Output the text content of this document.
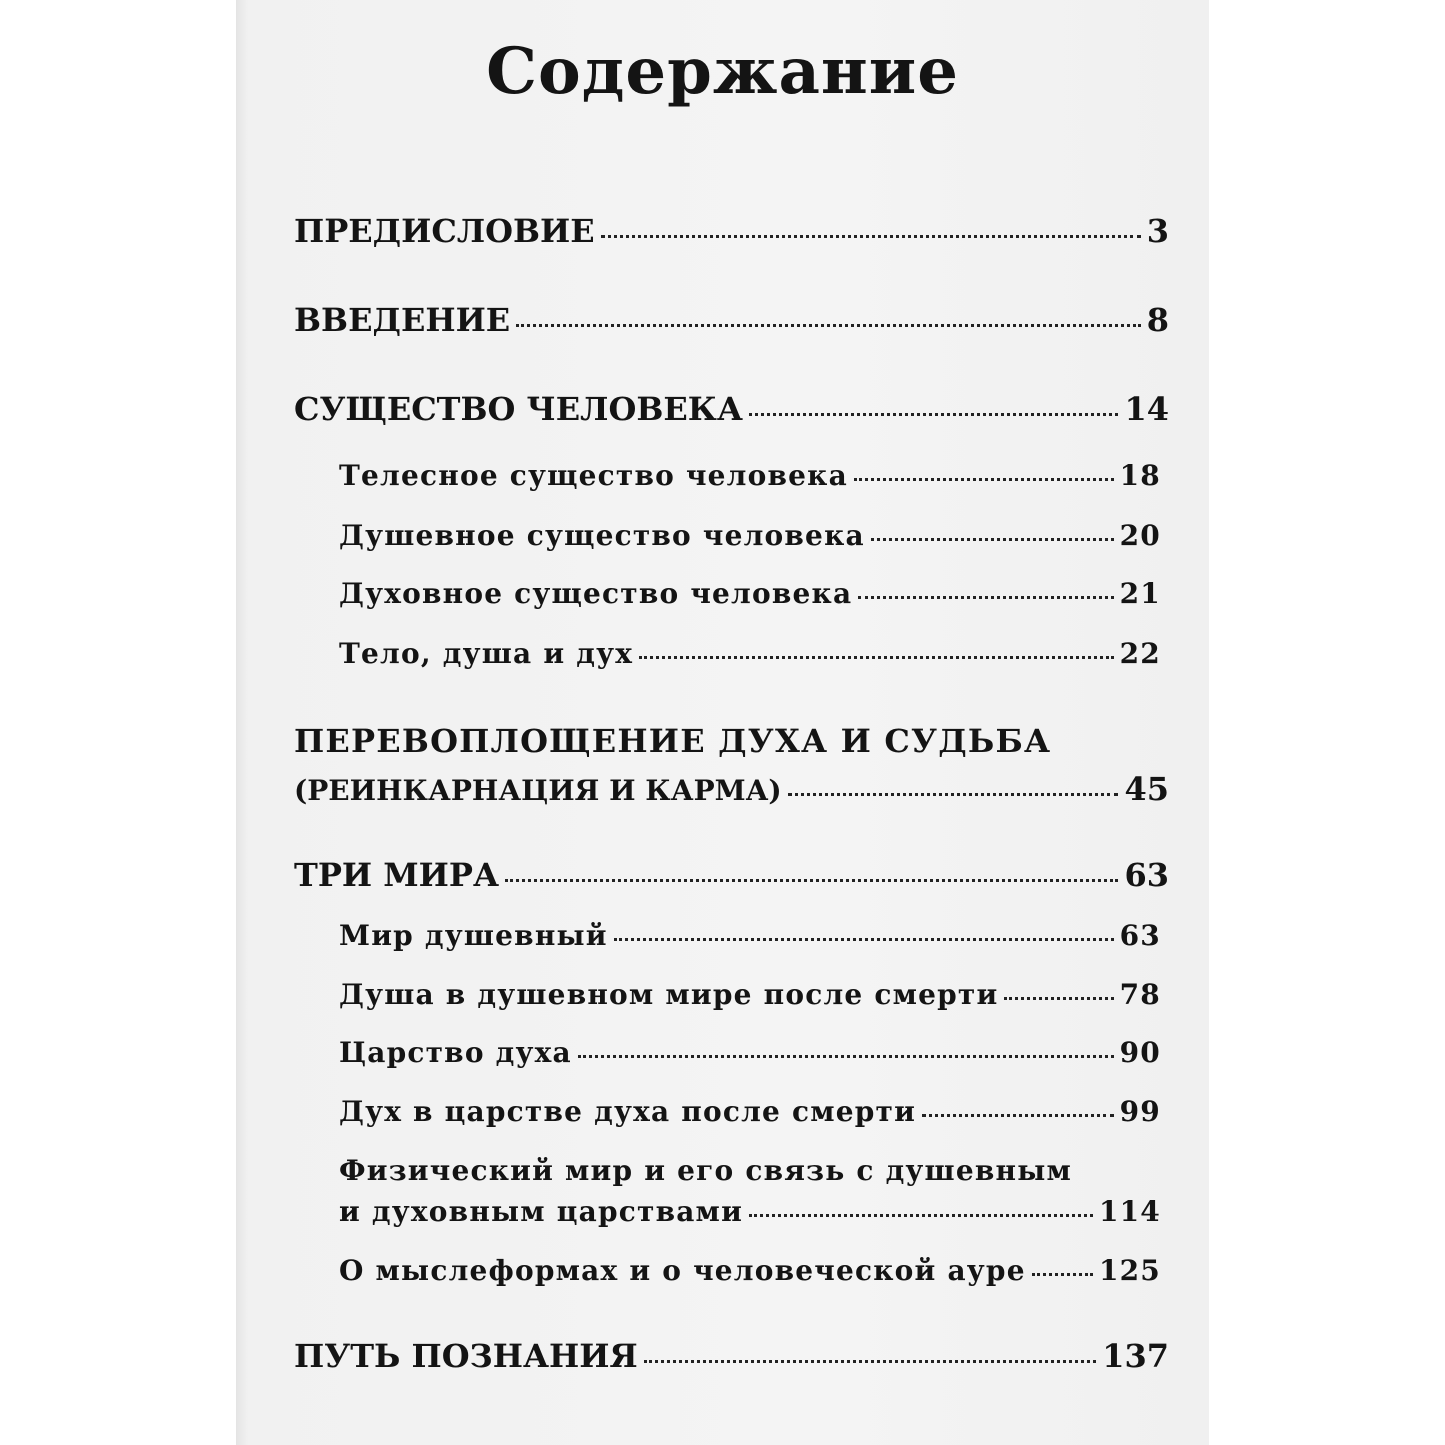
Содержание
ПРЕДИСЛОВИЕ	3
ВВЕДЕНИЕ	8
СУЩЕСТВО ЧЕЛОВЕКА	14
Телесное существо человека	18
Душевное существо человека	20
Духовное существо человека	21
Тело, душа и дух	22
ПЕРЕВОПЛОЩЕНИЕ ДУХА И СУДЬБА
(РЕИНКАРНАЦИЯ И КАРМА)	45
ТРИ МИРА	63
Мир душевный	63
Душа в душевном мире после смерти	78
Царство духа	90
Дух в царстве духа после смерти	99
Физический мир и его связь с душевным
и духовным царствами	114
О мыслеформах и о человеческой ауре	125
ПУТЬ ПОЗНАНИЯ	137
